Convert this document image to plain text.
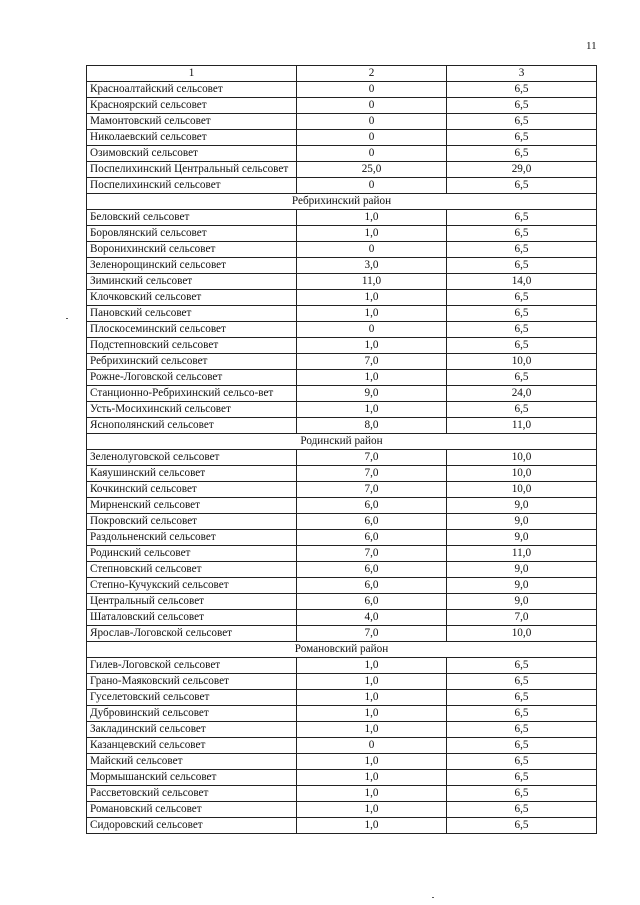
11
1	2	3
Красноалтайский сельсовет	0	6,5
Красноярский сельсовет	0	6,5
Мамонтовский сельсовет	0	6,5
Николаевский сельсовет	0	6,5
Озимовский сельсовет	0	6,5
Поспелихинский Центральный сельсовет	25,0	29,0
Поспелихинский сельсовет	0	6,5
Ребрихинский район		
Беловский сельсовет	1,0	6,5
Боровлянский сельсовет	1,0	6,5
Воронихинский сельсовет	0	6,5
Зеленорощинский сельсовет	3,0	6,5
Зиминский сельсовет	11,0	14,0
Клочковский сельсовет	1,0	6,5
Пановский сельсовет	1,0	6,5
Плоскосеминский сельсовет	0	6,5
Подстепновский сельсовет	1,0	6,5
Ребрихинский сельсовет	7,0	10,0
Рожне-Логовской сельсовет	1,0	6,5
Станционно-Ребрихинский сельсо-вет	9,0	24,0
Усть-Мосихинский сельсовет	1,0	6,5
Яснополянский сельсовет	8,0	11,0
Родинский район		
Зеленолуговской сельсовет	7,0	10,0
Каяушинский сельсовет	7,0	10,0
Кочкинский сельсовет	7,0	10,0
Мирненский сельсовет	6,0	9,0
Покровский сельсовет	6,0	9,0
Раздольненский сельсовет	6,0	9,0
Родинский сельсовет	7,0	11,0
Степновский сельсовет	6,0	9,0
Степно-Кучукский сельсовет	6,0	9,0
Центральный сельсовет	6,0	9,0
Шаталовский сельсовет	4,0	7,0
Ярослав-Логовской сельсовет	7,0	10,0
Романовский район		
Гилев-Логовской сельсовет	1,0	6,5
Грано-Маяковский сельсовет	1,0	6,5
Гуселетовский сельсовет	1,0	6,5
Дубровинский сельсовет	1,0	6,5
Закладинский сельсовет	1,0	6,5
Казанцевский сельсовет	0	6,5
Майский сельсовет	1,0	6,5
Мормышанский сельсовет	1,0	6,5
Рассветовский сельсовет	1,0	6,5
Романовский сельсовет	1,0	6,5
Сидоровский сельсовет	1,0	6,5
